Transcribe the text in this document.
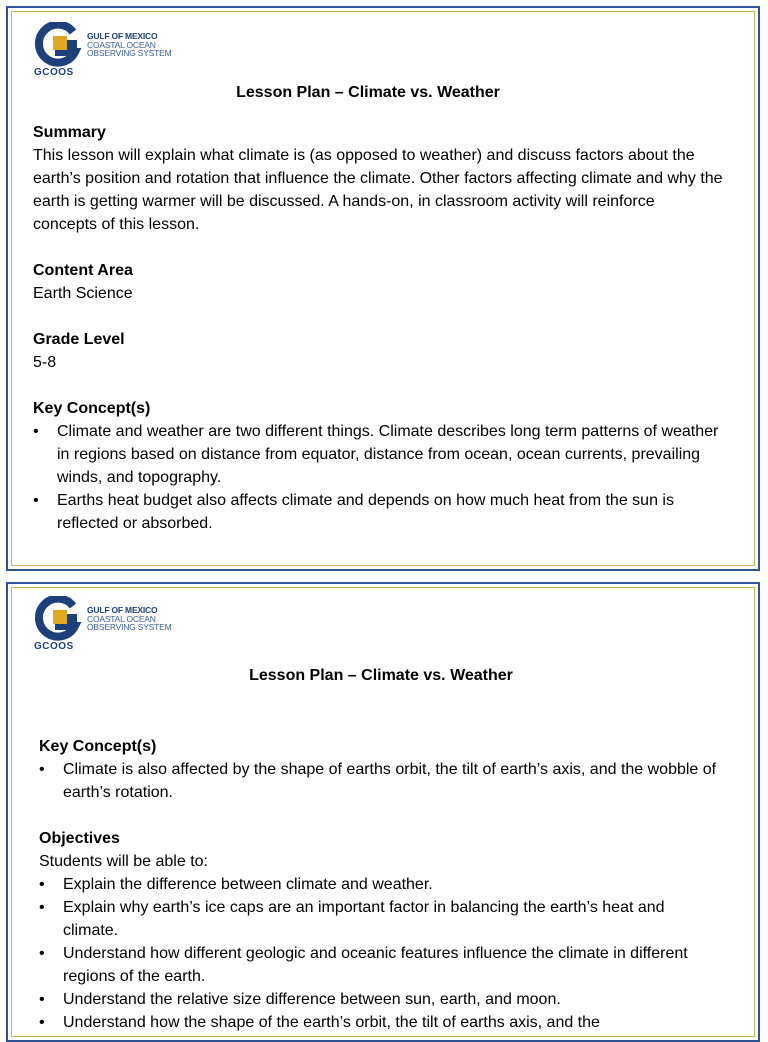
GULF OF MEXICO
COASTAL OCEAN
OBSERVING SYSTEM
GCOOS
Lesson Plan – Climate vs. Weather
Summary

This lesson will explain what climate is (as opposed to weather) and discuss factors about the earth’s position and rotation that influence the climate. Other factors affecting climate and why the earth is getting warmer will be discussed. A hands-on, in classroom activity will reinforce concepts of this lesson.

Content Area
Earth Science
Grade Level
5-8
Key Concept(s)
•	Climate and weather are two different things. Climate describes long term patterns of weather in regions based on distance from equator, distance from ocean, ocean currents, prevailing winds, and topography.
•	Earths heat budget also affects climate and depends on how much heat from the sun is reflected or absorbed.
GULF OF MEXICO
COASTAL OCEAN
OBSERVING SYSTEM
GCOOS
Lesson Plan – Climate vs. Weather
Key Concept(s)
•	Climate is also affected by the shape of earths orbit, the tilt of earth’s axis, and the wobble of earth’s rotation.
Objectives
Students will be able to:
•	Explain the difference between climate and weather.
•	Explain why earth’s ice caps are an important factor in balancing the earth’s heat and climate.
•	Understand how different geologic and oceanic features influence the climate in different regions of the earth.
•	Understand the relative size difference between sun, earth, and moon.
•	Understand how the shape of the earth’s orbit, the tilt of earths axis, and the
